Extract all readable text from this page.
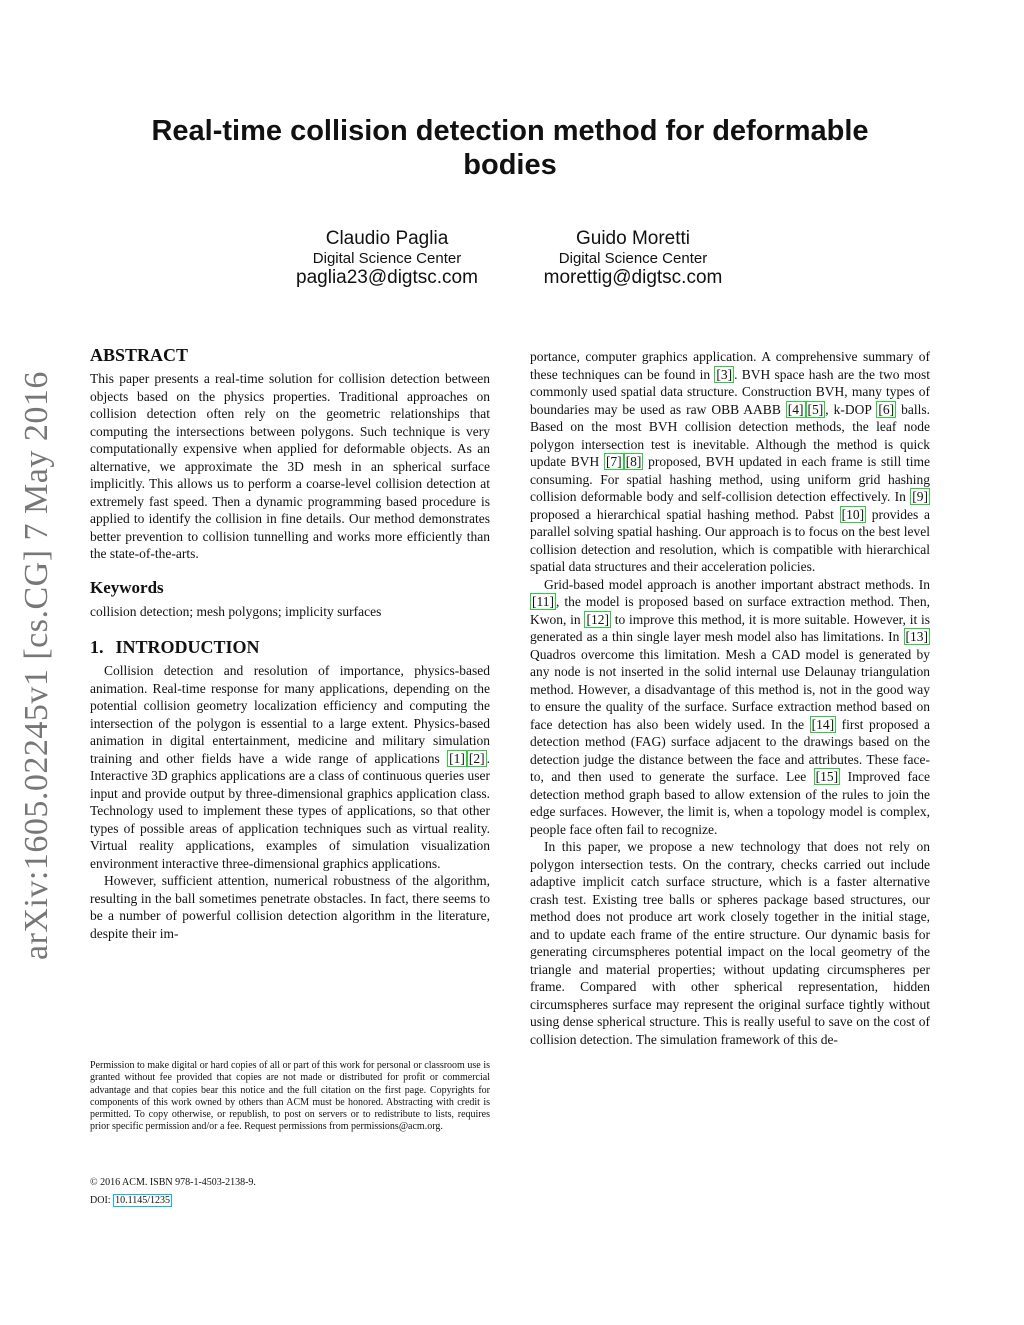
arXiv:1605.02245v1 [cs.CG] 7 May 2016
Real-time collision detection method for deformable bodies
Claudio Paglia
Digital Science Center
paglia23@digtsc.com
Guido Moretti
Digital Science Center
morettig@digtsc.com
ABSTRACT

This paper presents a real-time solution for collision detection between objects based on the physics properties. Traditional approaches on collision detection often rely on the geometric relationships that computing the intersections between polygons. Such technique is very computationally expensive when applied for deformable objects. As an alternative, we approximate the 3D mesh in an spherical surface implicitly. This allows us to perform a coarse-level collision detection at extremely fast speed. Then a dynamic programming based procedure is applied to identify the collision in fine details. Our method demonstrates better prevention to collision tunnelling and works more efficiently than the state-of-the-arts.

Keywords

collision detection; mesh polygons; implicity surfaces

1. INTRODUCTION

Collision detection and resolution of importance, physics-based animation. Real-time response for many applications, depending on the potential collision geometry localization efficiency and computing the intersection of the polygon is essential to a large extent. Physics-based animation in digital entertainment, medicine and military simulation training and other fields have a wide range of applications [1] [2] . Interactive 3D graphics applications are a class of continuous queries user input and provide output by three-dimensional graphics application class. Technology used to implement these types of applications, so that other types of possible areas of application techniques such as virtual reality. Virtual reality applications, examples of simulation visualization environment interactive three-dimensional graphics applications.

However, sufficient attention, numerical robustness of the algorithm, resulting in the ball sometimes penetrate obstacles. In fact, there seems to be a number of powerful collision detection algorithm in the literature, despite their im-

Permission to make digital or hard copies of all or part of this work for personal or classroom use is granted without fee provided that copies are not made or distributed for profit or commercial advantage and that copies bear this notice and the full citation on the first page. Copyrights for components of this work owned by others than ACM must be honored. Abstracting with credit is permitted. To copy otherwise, or republish, to post on servers or to redistribute to lists, requires prior specific permission and/or a fee. Request permissions from permissions@acm.org.

© 2016 ACM. ISBN 978-1-4503-2138-9.
DOI: 10.1145/1235

portance, computer graphics application. A comprehensive summary of these techniques can be found in [3] . BVH space hash are the two most commonly used spatial data structure. Construction BVH, many types of boundaries may be used as raw OBB AABB [4] [5] , k-DOP [6] balls. Based on the most BVH collision detection methods, the leaf node polygon intersection test is inevitable. Although the method is quick update BVH [7] [8] proposed, BVH updated in each frame is still time consuming. For spatial hashing method, using uniform grid hashing collision deformable body and self-collision detection effectively. In [9] proposed a hierarchical spatial hashing method. Pabst [10] provides a parallel solving spatial hashing. Our approach is to focus on the best level collision detection and resolution, which is compatible with hierarchical spatial data structures and their acceleration policies.

Grid-based model approach is another important abstract methods. In [11] , the model is proposed based on surface extraction method. Then, Kwon, in [12] to improve this method, it is more suitable. However, it is generated as a thin single layer mesh model also has limitations. In [13] Quadros overcome this limitation. Mesh a CAD model is generated by any node is not inserted in the solid internal use Delaunay triangulation method. However, a disadvantage of this method is, not in the good way to ensure the quality of the surface. Surface extraction method based on face detection has also been widely used. In the [14] first proposed a detection method (FAG) surface adjacent to the drawings based on the detection judge the distance between the face and attributes. These face-to, and then used to generate the surface. Lee [15] Improved face detection method graph based to allow extension of the rules to join the edge surfaces. However, the limit is, when a topology model is complex, people face often fail to recognize.

In this paper, we propose a new technology that does not rely on polygon intersection tests. On the contrary, checks carried out include adaptive implicit catch surface structure, which is a faster alternative crash test. Existing tree balls or spheres package based structures, our method does not produce art work closely together in the initial stage, and to update each frame of the entire structure. Our dynamic basis for generating circumspheres potential impact on the local geometry of the triangle and material properties; without updating circumspheres per frame. Compared with other spherical representation, hidden circumspheres surface may represent the original surface tightly without using dense spherical structure. This is really useful to save on the cost of collision detection. The simulation framework of this de-
